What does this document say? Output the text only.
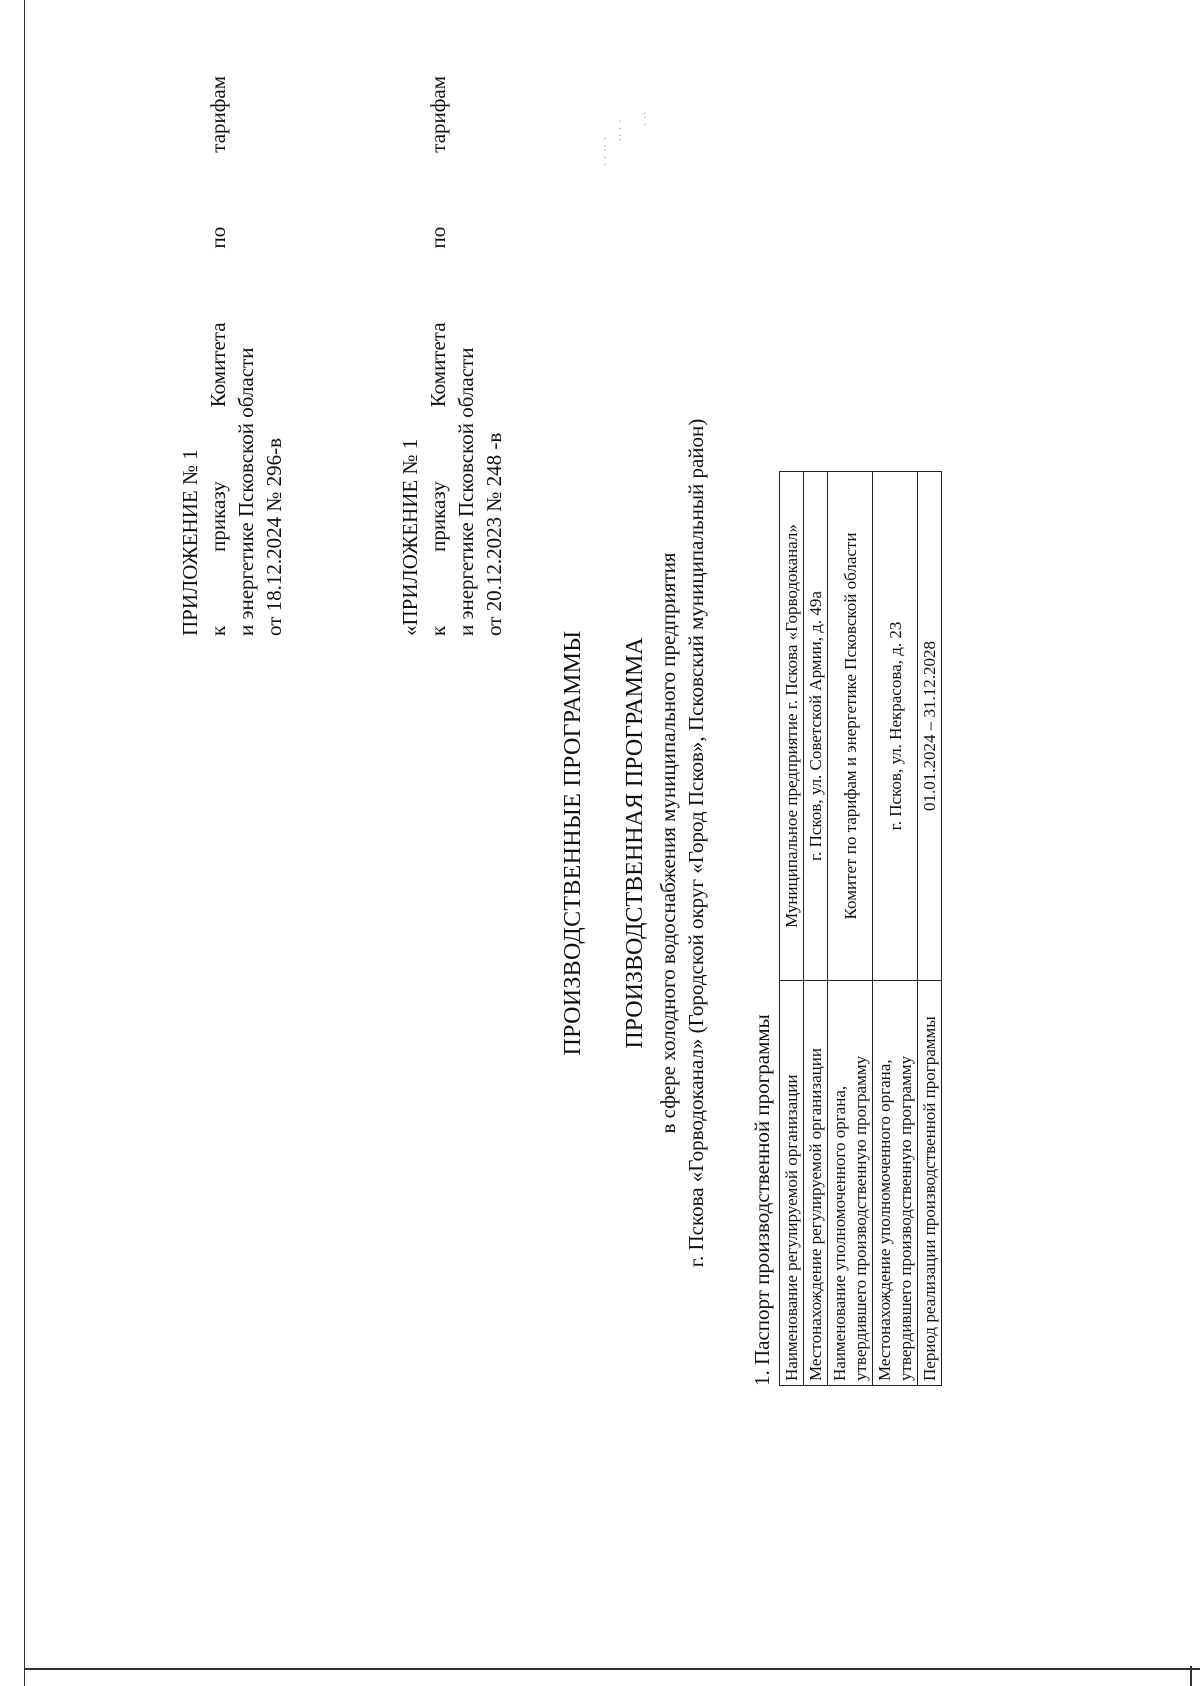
ПРИЛОЖЕНИЕ № 1 к
приказу
Комитета
по
тарифам
и энергетике Псковской области от 18.12.2024 № 296-в	«ПРИЛОЖЕНИЕ № 1 к
приказу
Комитета
по
тарифам
и энергетике Псковской области от 20.12.2023 № 248 -в
· · ·· ·
·· · ·
· ··
ПРОИЗВОДСТВЕННЫЕ ПРОГРАММЫ ПРОИЗВОДСТВЕННАЯ ПРОГРАММА в сфере холодного водоснабжения муниципального предприятия г. Пскова «Горводоканал» (Городской округ «Город Псков», Псковский муниципальный район) 1. Паспорт производственной программы Наименование регулируемой организации	Муниципальное предприятие г. Пскова «Горводоканал»
Местонахождение регулируемой организации	г. Псков, ул. Советской Армии, д. 49а
Наименование уполномоченного органа, утвердившего производственную программу	Комитет по тарифам и энергетике Псковской области
Местонахождение уполномоченного органа, утвердившего производственную программу	г. Псков, ул. Некрасова, д. 23
Период реализации производственной программы	01.01.2024 – 31.12.2028
